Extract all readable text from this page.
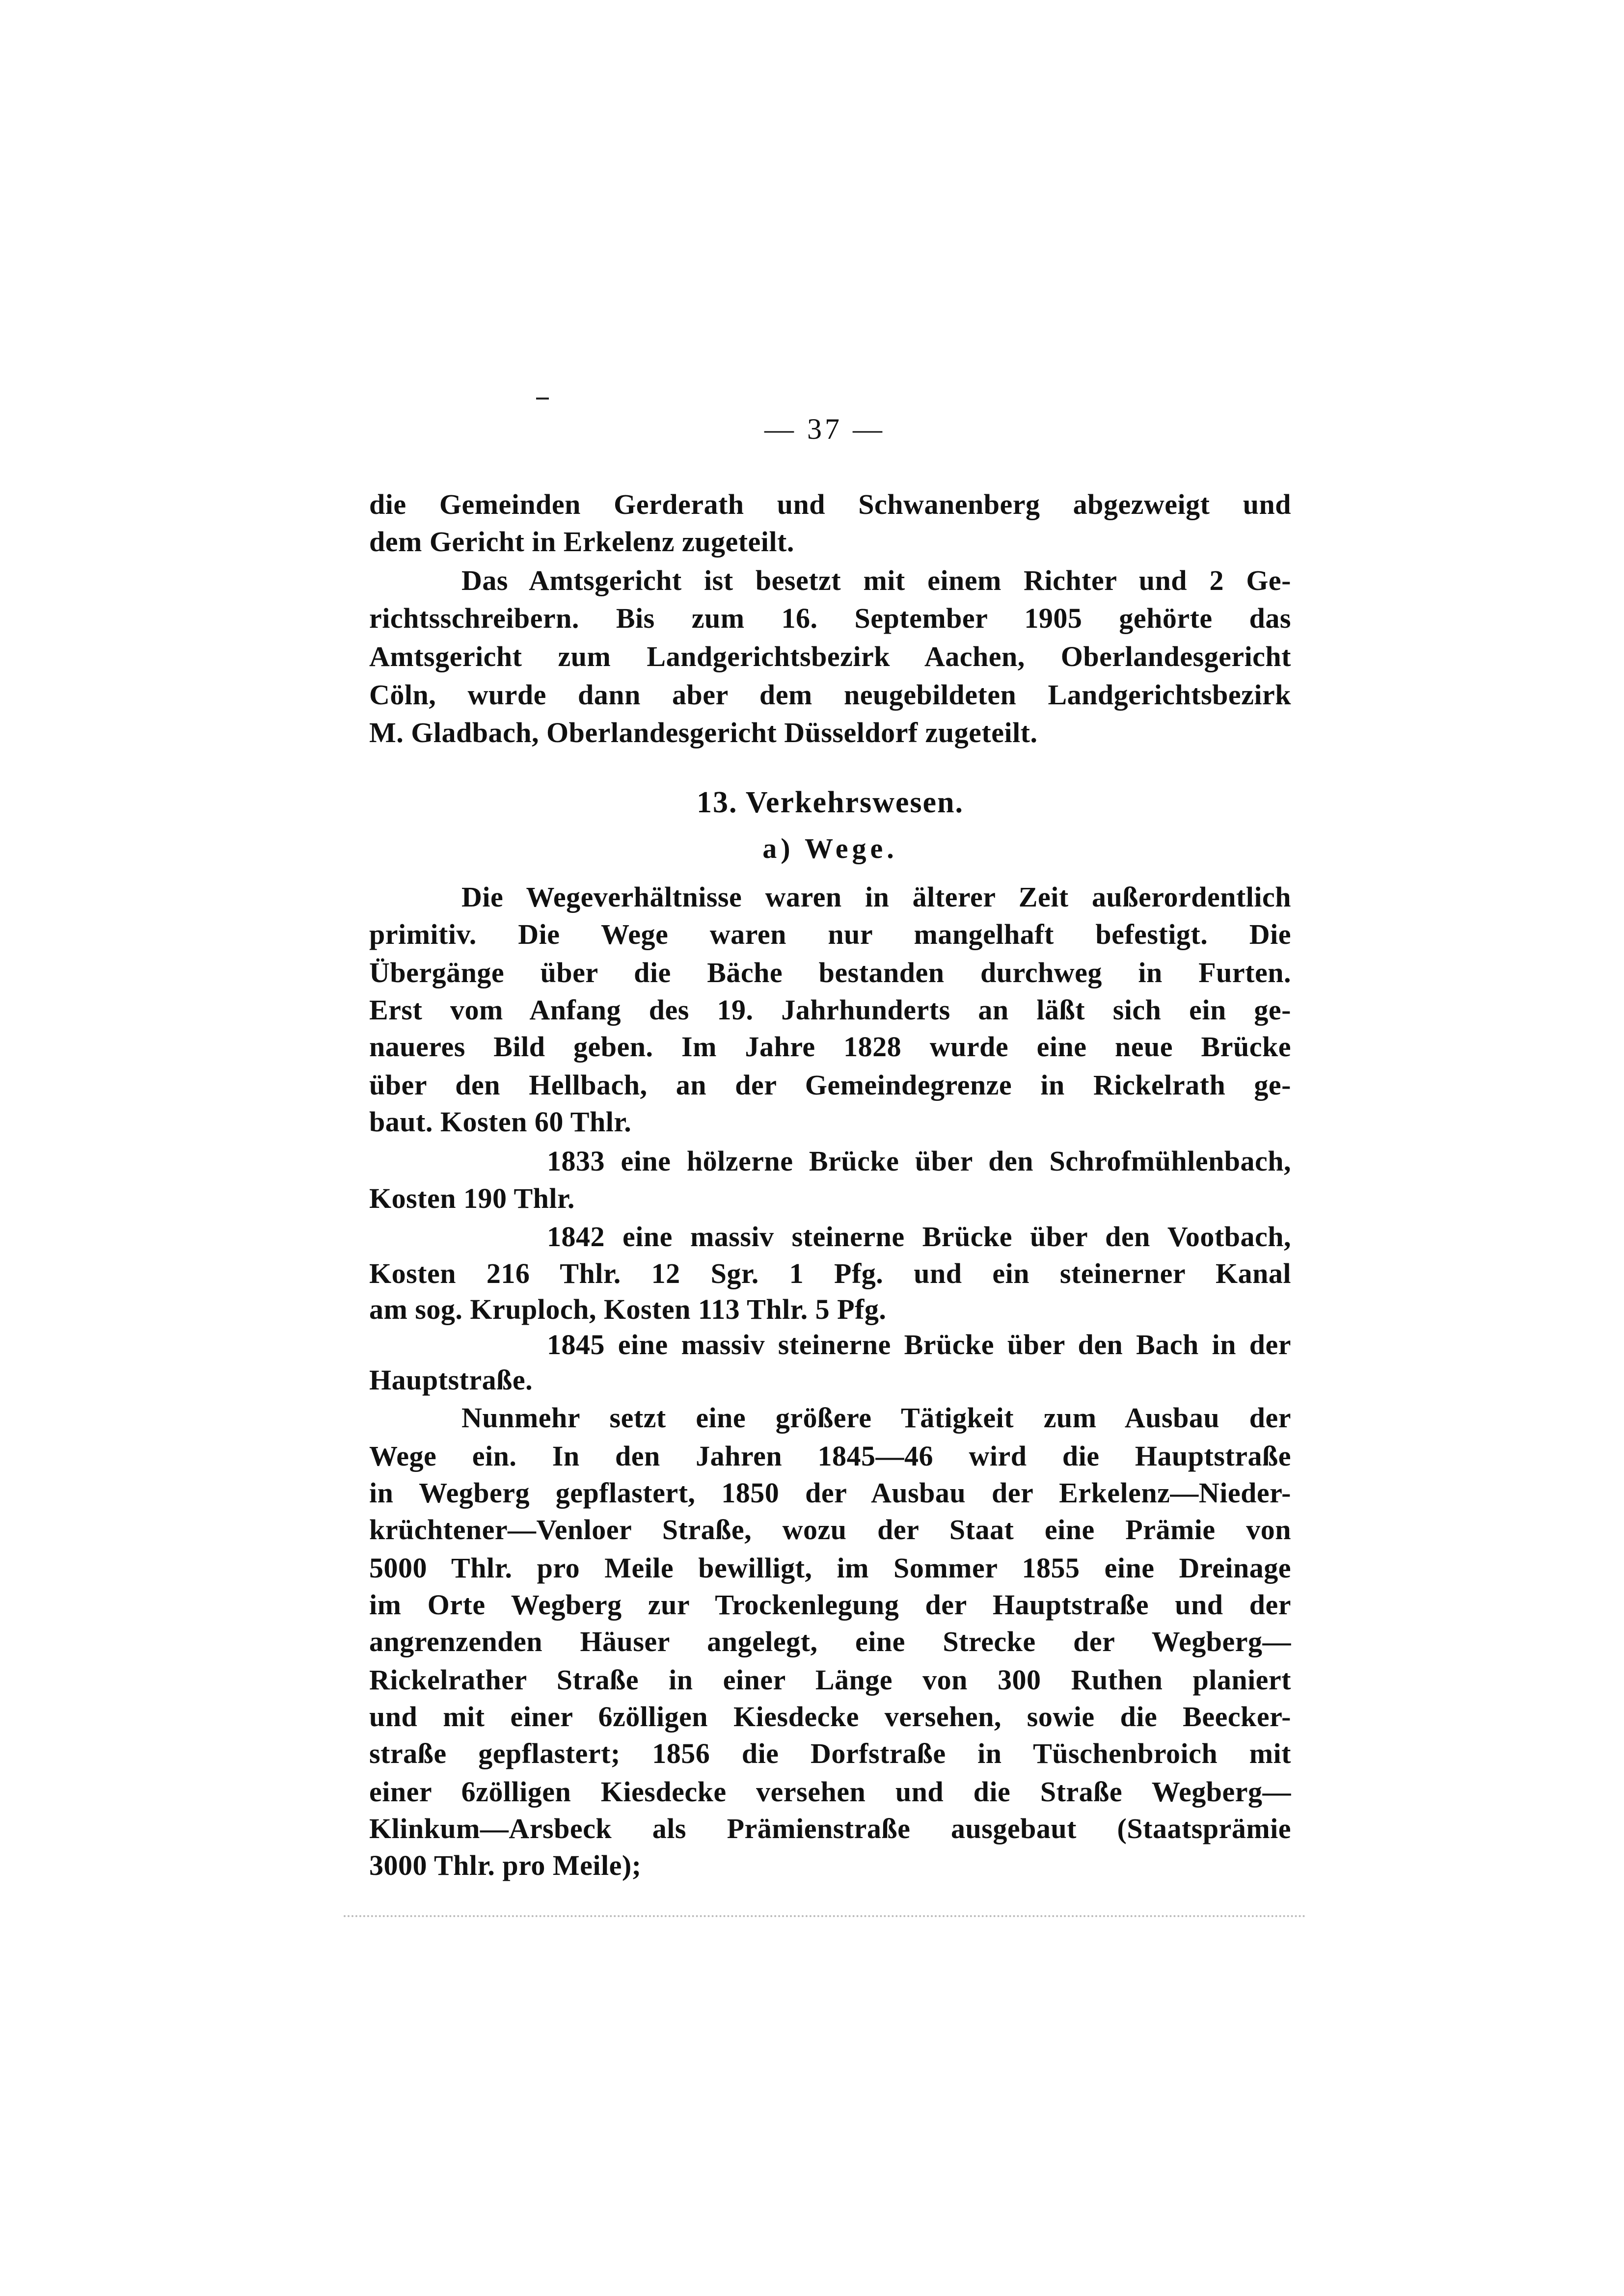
— 37 —
die Gemeinden Gerderath und Schwanenberg abgezweigt und
dem Gericht in Erkelenz zugeteilt.
Das Amtsgericht ist besetzt mit einem Richter und 2 Ge-
richtsschreibern. Bis zum 16. September 1905 gehörte das
Amtsgericht zum Landgerichtsbezirk Aachen, Oberlandesgericht
Cöln, wurde dann aber dem neugebildeten Landgerichtsbezirk
M. Gladbach, Oberlandesgericht Düsseldorf zugeteilt.
13. Verkehrswesen.
a) Wege.
Die Wegeverhältnisse waren in älterer Zeit außerordentlich
primitiv. Die Wege waren nur mangelhaft befestigt. Die
Übergänge über die Bäche bestanden durchweg in Furten.
Erst vom Anfang des 19. Jahrhunderts an läßt sich ein ge-
naueres Bild geben. Im Jahre 1828 wurde eine neue Brücke
über den Hellbach, an der Gemeindegrenze in Rickelrath ge-
baut. Kosten 60 Thlr.
1833 eine hölzerne Brücke über den Schrofmühlenbach,
Kosten 190 Thlr.
1842 eine massiv steinerne Brücke über den Vootbach,
Kosten 216 Thlr. 12 Sgr. 1 Pfg. und ein steinerner Kanal
am sog. Kruploch, Kosten 113 Thlr. 5 Pfg.
1845 eine massiv steinerne Brücke über den Bach in der
Hauptstraße.
Nunmehr setzt eine größere Tätigkeit zum Ausbau der
Wege ein. In den Jahren 1845—46 wird die Hauptstraße
in Wegberg gepflastert, 1850 der Ausbau der Erkelenz—Nieder-
krüchtener—Venloer Straße, wozu der Staat eine Prämie von
5000 Thlr. pro Meile bewilligt, im Sommer 1855 eine Dreinage
im Orte Wegberg zur Trockenlegung der Hauptstraße und der
angrenzenden Häuser angelegt, eine Strecke der Wegberg—
Rickelrather Straße in einer Länge von 300 Ruthen planiert
und mit einer 6zölligen Kiesdecke versehen, sowie die Beecker-
straße gepflastert; 1856 die Dorfstraße in Tüschenbroich mit
einer 6zölligen Kiesdecke versehen und die Straße Wegberg—
Klinkum—Arsbeck als Prämienstraße ausgebaut (Staatsprämie
3000 Thlr. pro Meile);
